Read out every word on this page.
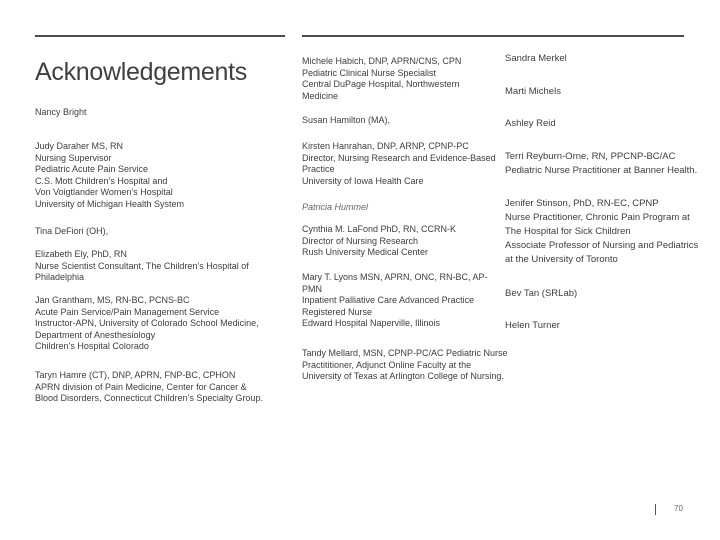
Acknowledgements
Nancy Bright
Judy Daraher MS, RN
Nursing Supervisor
Pediatric Acute Pain Service
C.S. Mott Children’s Hospital and
Von Voigtlander Women’s Hospital
University of Michigan Health System
Tina DeFiori (OH),
Elizabeth Ely, PhD, RN
Nurse Scientist Consultant, The Children’s Hospital of
Philadelphia
Jan Grantham, MS, RN-BC, PCNS-BC
Acute Pain Service/Pain Management Service
Instructor-APN, University of Colorado School Medicine,
Department of Anesthesiology
Children’s Hospital Colorado
Taryn Hamre (CT), DNP, APRN, FNP-BC, CPHON
APRN division of Pain Medicine, Center for Cancer &
Blood Disorders, Connecticut Children’s Specialty Group.
Michele Habich, DNP, APRN/CNS, CPN
Pediatric Clinical Nurse Specialist
Central DuPage Hospital, Northwestern
Medicine
Susan Hamilton (MA),
Kirsten Hanrahan, DNP, ARNP, CPNP-PC
Director, Nursing Research and Evidence-Based
Practice
University of Iowa Health Care
Patricia Hummel
Cynthia M. LaFond PhD, RN, CCRN-K
Director of Nursing Research
Rush University Medical Center
Mary T. Lyons MSN, APRN, ONC, RN-BC, AP-
PMN
Inpatient Palliative Care Advanced Practice
Registered Nurse
Edward Hospital Naperville, Illinois
Tandy Mellard, MSN, CPNP-PC/AC Pediatric Nurse Practititioner, Adjunct Online Faculty at the University of Texas at Arlington College of Nursing.
Sandra Merkel
Marti Michels
Ashley Reid
Terri Reyburn-Orne, RN, PPCNP-BC/AC
Pediatric Nurse Practitioner at Banner Health.
Jenifer Stinson, PhD, RN-EC, CPNP
Nurse Practitioner, Chronic Pain Program at
The Hospital for Sick Children
Associate Professor of Nursing and Pediatrics
at the University of Toronto
Bev Tan (SRLab)
Helen Turner
70
